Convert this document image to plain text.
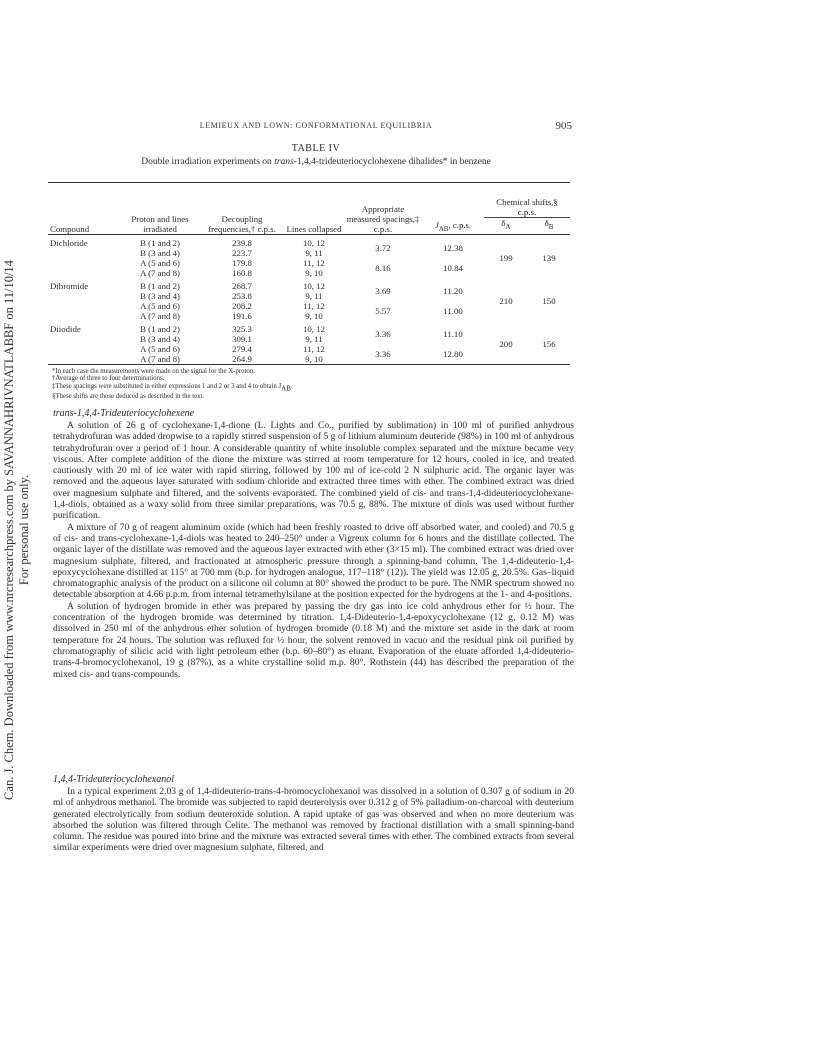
Can. J. Chem. Downloaded from www.nrcresearchpress.com by SAVANNAHRIVNATLABBF on 11/10/14 For personal use only.
LEMIEUX AND LOWN: CONFORMATIONAL EQUILIBRIA	905
TABLE IV
Double irradiation experiments on trans-1,4,4-trideuteriocyclohexene dihalides* in benzene
Compound	Proton and lines irradiated	Decoupling frequencies,† c.p.s.	Lines collapsed	Appropriate measured spacings,‡ c.p.s.	$J_{AB}$, c.p.s.	Chemical shifts,§ c.p.s.	
						$\delta_A$	$\delta_B$
Dichloride	B (1 and 2)	239.8	10, 12	3.72	12.38	199	139
	B (3 and 4)	223.7	9, 11				
	A (5 and 6)	179.8	11, 12	8.16	10.84		
	A (7 and 8)	160.8	9, 10				
Dibromide	B (1 and 2)	268.7	10, 12	3.69	11.20	210	150
	B (3 and 4)	253.8	9, 11				
	A (5 and 6)	208.2	11, 12	5.57	11.00		
	A (7 and 8)	191.6	9, 10				
Diiodide	B (1 and 2)	325.3	10, 12	3.36	11.10	200	156
	B (3 and 4)	309.1	9, 11				
	A (5 and 6)	279.4	11, 12	3.36	12.80		
	A (7 and 8)	264.9	9, 10				

*In each case the measurements were made on the signal for the X-proton.

†Average of three to four determinations.

‡These spacings were substituted in either expressions 1 and 2 or 3 and 4 to obtain $J_{AB}$.

§These shifts are those deduced as described in the text.

trans-1,4,4-Trideuteriocyclohexene

A solution of 26 g of cyclohexane-1,4-dione (L. Lights and Co., purified by sublimation) in 100 ml of purified anhydrous tetrahydrofuran was added dropwise to a rapidly stirred suspension of 5 g of lithium aluminum deuteride (98%) in 100 ml of anhydrous tetrahydrofuran over a period of 1 hour. A considerable quantity of white insoluble complex separated and the mixture became very viscous. After complete addition of the dione the mixture was stirred at room temperature for 12 hours, cooled in ice, and treated cautiously with 20 ml of ice water with rapid stirring, followed by 100 ml of ice-cold 2 N sulphuric acid. The organic layer was removed and the aqueous layer saturated with sodium chloride and extracted three times with ether. The combined extract was dried over magnesium sulphate and filtered, and the solvents evaporated. The combined yield of cis- and trans-1,4-dideuteriocyclohexane-1,4-diols, obtained as a waxy solid from three similar preparations, was 70.5 g, 88%. The mixture of diols was used without further purification.

A mixture of 70 g of reagent aluminum oxide (which had been freshly roasted to drive off absorbed water, and cooled) and 70.5 g of cis- and trans-cyclohexane-1,4-diols was heated to 240–250° under a Vigreux column for 6 hours and the distillate collected. The organic layer of the distillate was removed and the aqueous layer extracted with ether (3×15 ml). The combined extract was dried over magnesium sulphate, filtered, and fractionated at atmospheric pressure through a spinning-band column. The 1,4-dideuterio-1,4-epoxycyclohexane distilled at 115° at 700 mm (b.p. for hydrogen analogue, 117–118° (12)). The yield was 12.05 g, 20.5%. Gas–liquid chromatographic analysis of the product on a silicone oil column at 80° showed the product to be pure. The NMR spectrum showed no detectable absorption at 4.66 p.p.m. from internal tetramethylsilane at the position expected for the hydrogens at the 1- and 4-positions.

A solution of hydrogen bromide in ether was prepared by passing the dry gas into ice cold anhydrous ether for ½ hour. The concentration of the hydrogen bromide was determined by titration. 1,4-Dideuterio-1,4-epoxycyclohexane (12 g, 0.12 M) was dissolved in 250 ml of the anhydrous ether solution of hydrogen bromide (0.18 M) and the mixture set aside in the dark at room temperature for 24 hours. The solution was refluxed for ½ hour, the solvent removed in vacuo and the residual pink oil purified by chromatography of silicic acid with light petroleum ether (b.p. 60–80°) as eluant. Evaporation of the eluate afforded 1,4-dideuterio-trans-4-bromocyclohexanol, 19 g (87%), as a white crystalline solid m.p. 80°. Rothstein (44) has described the preparation of the mixed cis- and trans-compounds.

1,4,4-Trideuteriocyclohexanol

In a typical experiment 2.03 g of 1,4-dideuterio-trans-4-bromocyclohexanol was dissolved in a solution of 0.307 g of sodium in 20 ml of anhydrous methanol. The bromide was subjected to rapid deuterolysis over 0.312 g of 5% palladium-on-charcoal with deuterium generated electrolytically from sodium deuteroxide solution. A rapid uptake of gas was observed and when no more deuterium was absorbed the solution was filtered through Celite. The methanol was removed by fractional distillation with a small spinning-band column. The residue was poured into brine and the mixture was extracted several times with ether. The combined extracts from several similar experiments were dried over magnesium sulphate, filtered, and
